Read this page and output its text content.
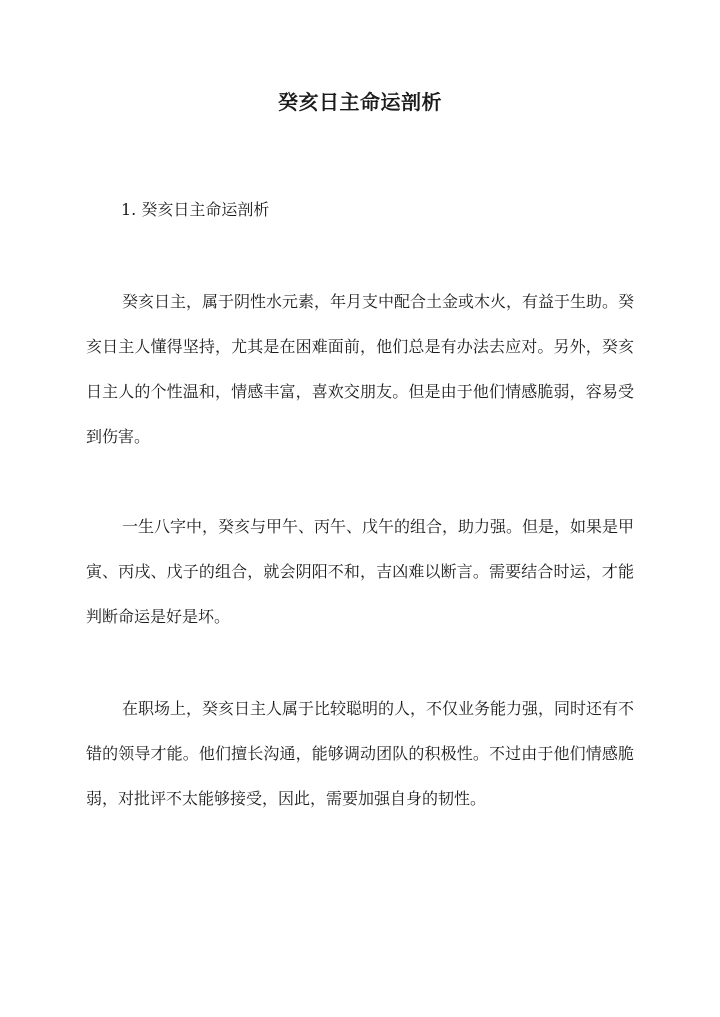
癸亥日主命运剖析
1. 癸亥日主命运剖析

癸亥日主，属于阴性水元素，年月支中配合土金或木火，有益于生助。癸亥日主人懂得坚持，尤其是在困难面前，他们总是有办法去应对。另外，癸亥日主人的个性温和，情感丰富，喜欢交朋友。但是由于他们情感脆弱，容易受到伤害。

一生八字中，癸亥与甲午、丙午、戊午的组合，助力强。但是，如果是甲寅、丙戌、戊子的组合，就会阴阳不和，吉凶难以断言。需要结合时运，才能判断命运是好是坏。

在职场上，癸亥日主人属于比较聪明的人，不仅业务能力强，同时还有不错的领导才能。他们擅长沟通，能够调动团队的积极性。不过由于他们情感脆弱，对批评不太能够接受，因此，需要加强自身的韧性。
